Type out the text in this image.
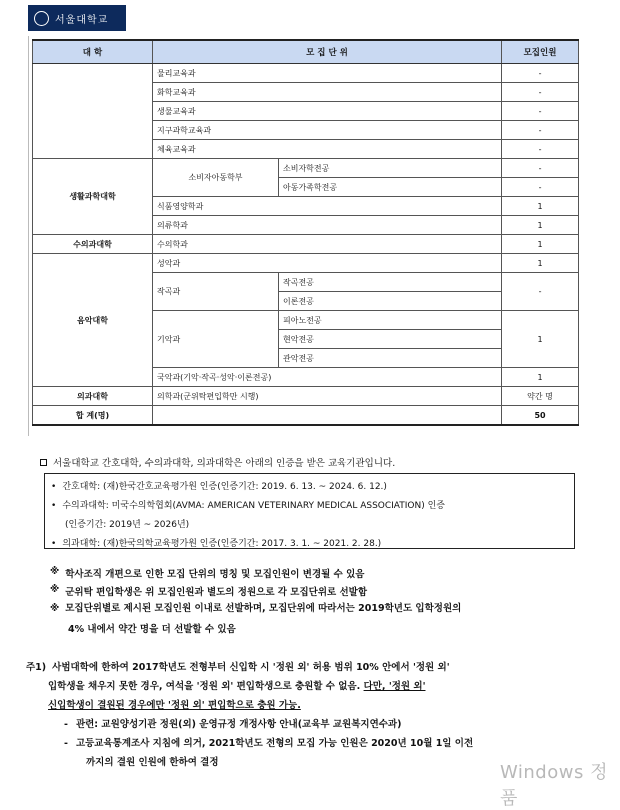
서울대학교
대 학	모 집 단 위		모집인원
	물리교육과		-
	화학교육과		-
	생물교육과		-
	지구과학교육과		-
	체육교육과		-
생활과학대학	소비자아동학부	소비자학전공	-
		아동가족학전공	-
	식품영양학과		1
	의류학과		1
수의과대학	수의학과		1
음악대학	성악과		1
	작곡과	작곡전공	-
		이론전공	
	기악과	피아노전공	1
		현악전공	
		관악전공	
	국악과(기악·작곡·성악·이론전공)		1
의과대학	의학과(군위탁편입학만 시행)		약간 명
합 계(명)			50
서울대학교 간호대학, 수의과대학, 의과대학은 아래의 인증을 받은 교육기관입니다.
• 간호대학: (재)한국간호교육평가원 인증(인증기간: 2019. 6. 13. ~ 2024. 6. 12.)
• 수의과대학: 미국수의학협회(AVMA: AMERICAN VETERINARY MEDICAL ASSOCIATION) 인증
(인증기간: 2019년 ~ 2026년)
• 의과대학: (재)한국의학교육평가원 인증(인증기간: 2017. 3. 1. ~ 2021. 2. 28.)
※ 학사조직 개편으로 인한 모집 단위의 명칭 및 모집인원이 변경될 수 있음
※ 군위탁 편입학생은 위 모집인원과 별도의 정원으로 각 모집단위로 선발함
※ 모집단위별로 제시된 모집인원 이내로 선발하며, 모집단위에 따라서는 2019학년도 입학정원의
4% 내에서 약간 명을 더 선발할 수 있음
주1) 사범대학에 한하여 2017학년도 전형부터 신입학 시 '정원 외' 허용 범위 10% 안에서 '정원 외'
입학생을 채우지 못한 경우, 여석을 '정원 외' 편입학생으로 충원할 수 없음. 다만, '정원 외'
신입학생이 결원된 경우에만 '정원 외' 편입학으로 충원 가능.
- 관련: 교원양성기관 정원(외) 운영규정 개정사항 안내(교육부 교원복지연수과)
- 고등교육통계조사 지침에 의거, 2021학년도 전형의 모집 가능 인원은 2020년 10월 1일 이전
까지의 결원 인원에 한하여 결정	Windows 정품
